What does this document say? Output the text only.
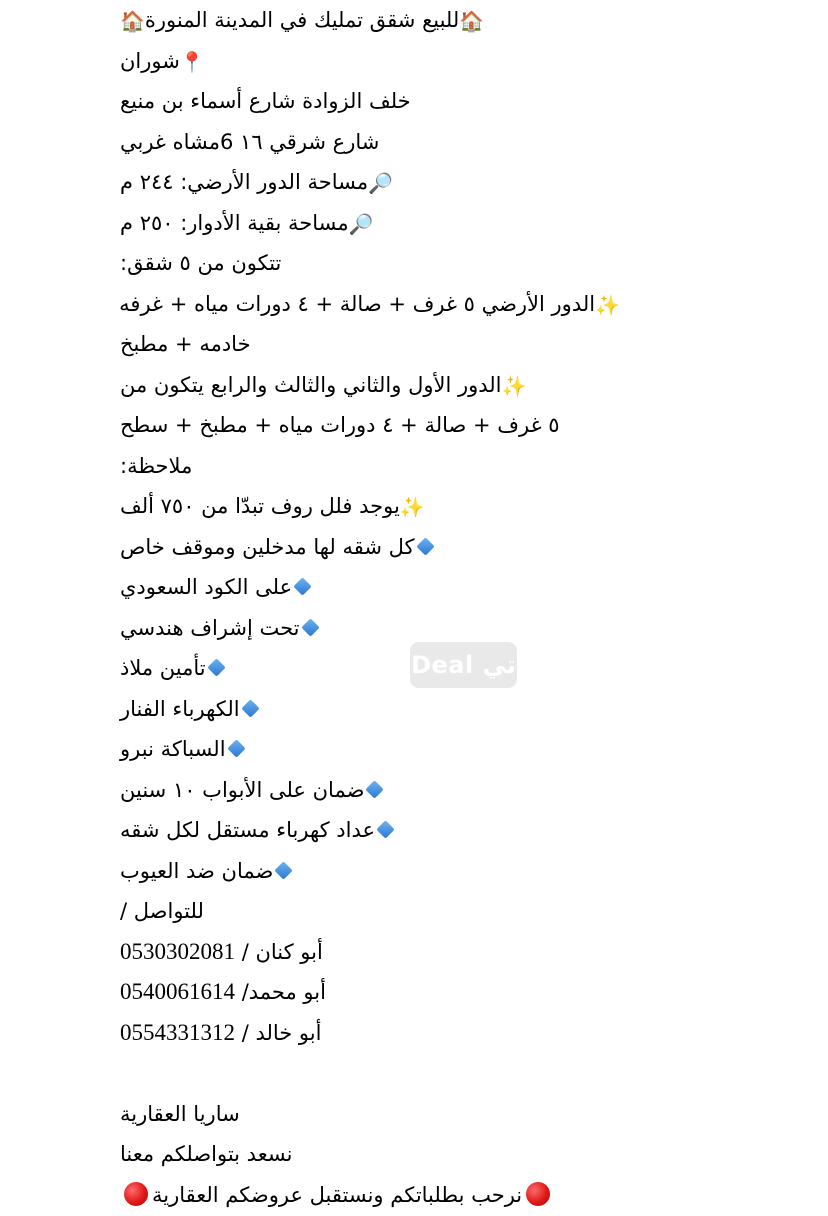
🏠للبيع شقق تمليك في المدينة المنورة🏠
📍شوران
خلف الزوادة شارع أسماء بن منيع
شارع شرقي ١٦ 6مشاه غربي
🔎مساحة الدور الأرضي: ٢٤٤ م
🔎مساحة بقية الأدوار: ٢٥٠ م
تتكون من ٥ شقق:
✨الدور الأرضي ٥ غرف + صالة + ٤ دورات مياه + غرفه
خادمه + مطبخ
✨الدور الأول والثاني والثالث والرابع يتكون من
٥ غرف + صالة + ٤ دورات مياه + مطبخ + سطح
ملاحظة:
✨يوجد فلل روف تبدّا من ٧٥٠ ألف
كل شقه لها مدخلين وموقف خاص
على الكود السعودي
تحت إشراف هندسي
تأمين ملاذ
الكهرباء الفنار
السباكة نبرو
ضمان على الأبواب ١٠ سنين
عداد كهرباء مستقل لكل شقه
ضمان ضد العيوب
للتواصل /
أبو كنان / 0530302081
أبو محمد/ 0540061614
أبو خالد / 0554331312
ساريا العقارية
نسعد بتواصلكم معنا
نرحب بطلباتكم ونستقبل عروضكم العقارية
Deal تي
